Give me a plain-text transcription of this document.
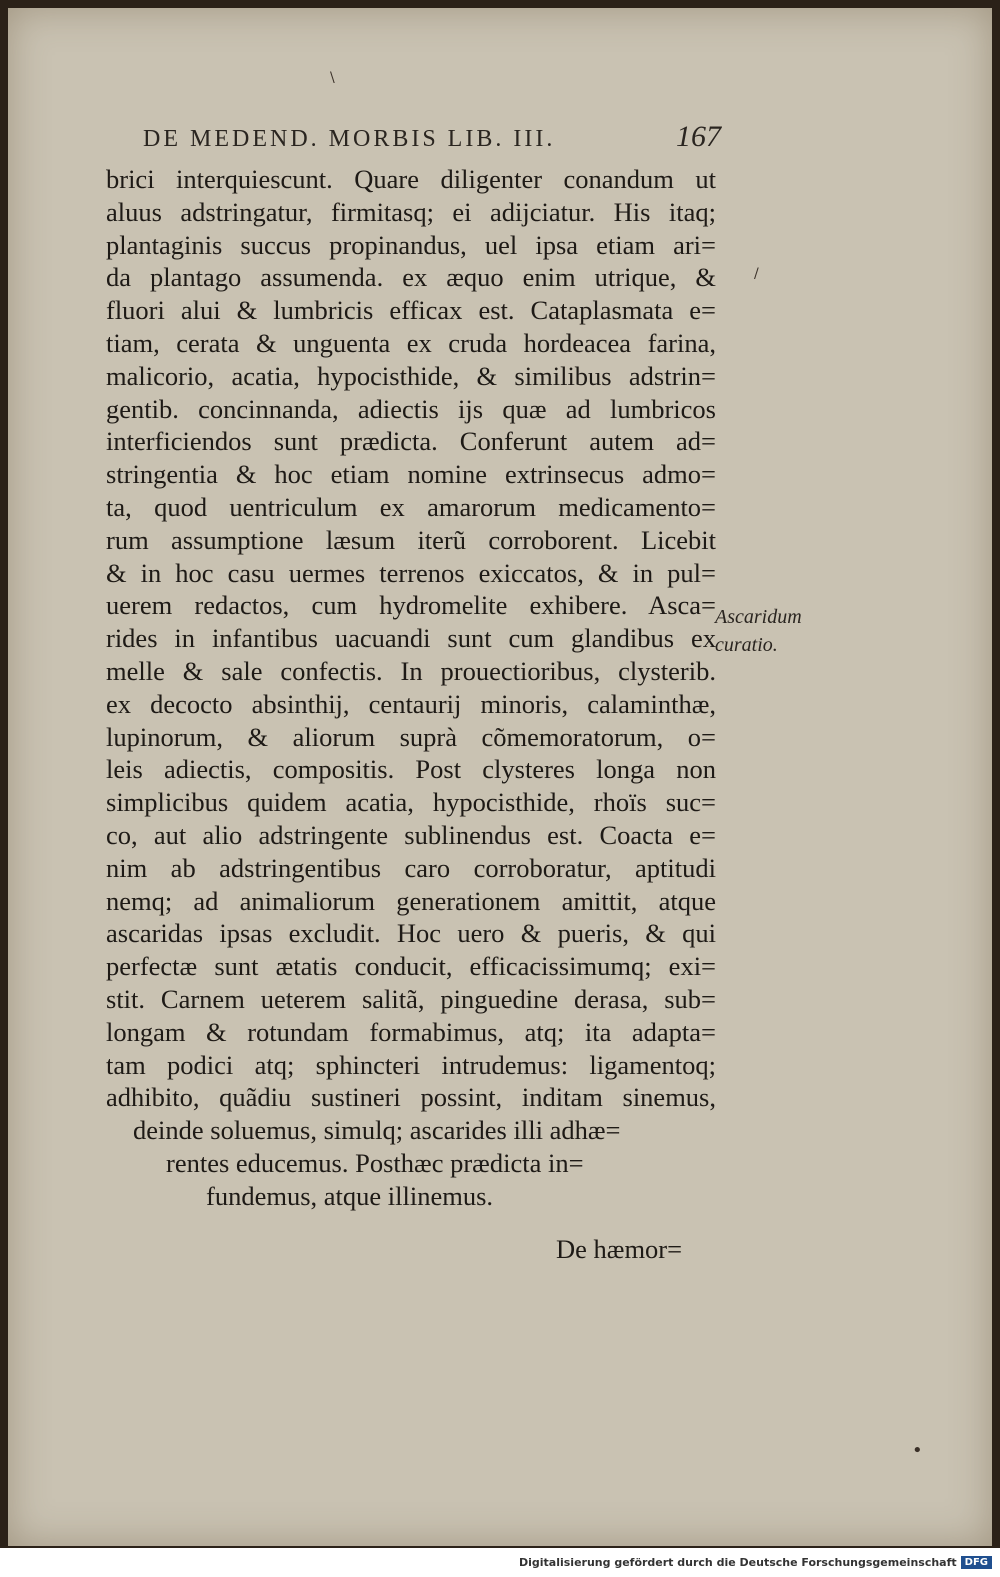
DE MEDEND. MORBIS LIB. III.	167
brici interquiescunt. Quare diligenter conandum ut
aluus adstringatur, firmitasq; ei adijciatur. His itaq;
plantaginis succus propinandus, uel ipsa etiam ari=
da plantago assumenda. ex æquo enim utrique, &
fluori alui & lumbricis efficax est. Cataplasmata e=
tiam, cerata & unguenta ex cruda hordeacea farina,
malicorio, acatia, hypocisthide, & similibus adstrin=
gentib. concinnanda, adiectis ijs quæ ad lumbricos
interficiendos sunt prædicta. Conferunt autem ad=
stringentia & hoc etiam nomine extrinsecus admo=
ta, quod uentriculum ex amarorum medicamento=
rum assumptione læsum iterũ corroborent. Licebit
& in hoc casu uermes terrenos exiccatos, & in pul=
uerem redactos, cum hydromelite exhibere. Asca=
rides in infantibus uacuandi sunt cum glandibus ex
melle & sale confectis. In prouectioribus, clysterib.
ex decocto absinthij, centaurij minoris, calaminthæ,
lupinorum, & aliorum suprà cõmemoratorum, o=
leis adiectis, compositis. Post clysteres longa non
simplicibus quidem acatia, hypocisthide, rhoïs suc=
co, aut alio adstringente sublinendus est. Coacta e=
nim ab adstringentibus caro corroboratur, aptitudi
nemq; ad animaliorum generationem amittit, atque
ascaridas ipsas excludit. Hoc uero & pueris, & qui
perfectæ sunt ætatis conducit, efficacissimumq; exi=
stit. Carnem ueterem salitã, pinguedine derasa, sub=
longam & rotundam formabimus, atq; ita adapta=
tam podici atq; sphincteri intrudemus: ligamentoq;
adhibito, quãdiu sustineri possint, inditam sinemus,
deinde soluemus, simulq; ascarides illi adhæ=
rentes educemus. Posthæc prædicta in=
fundemus, atque illinemus.
De hæmor=
Ascaridum
curatio.
\
/
•
Digitalisierung gefördert durch die Deutsche Forschungsgemeinschaft DFG
